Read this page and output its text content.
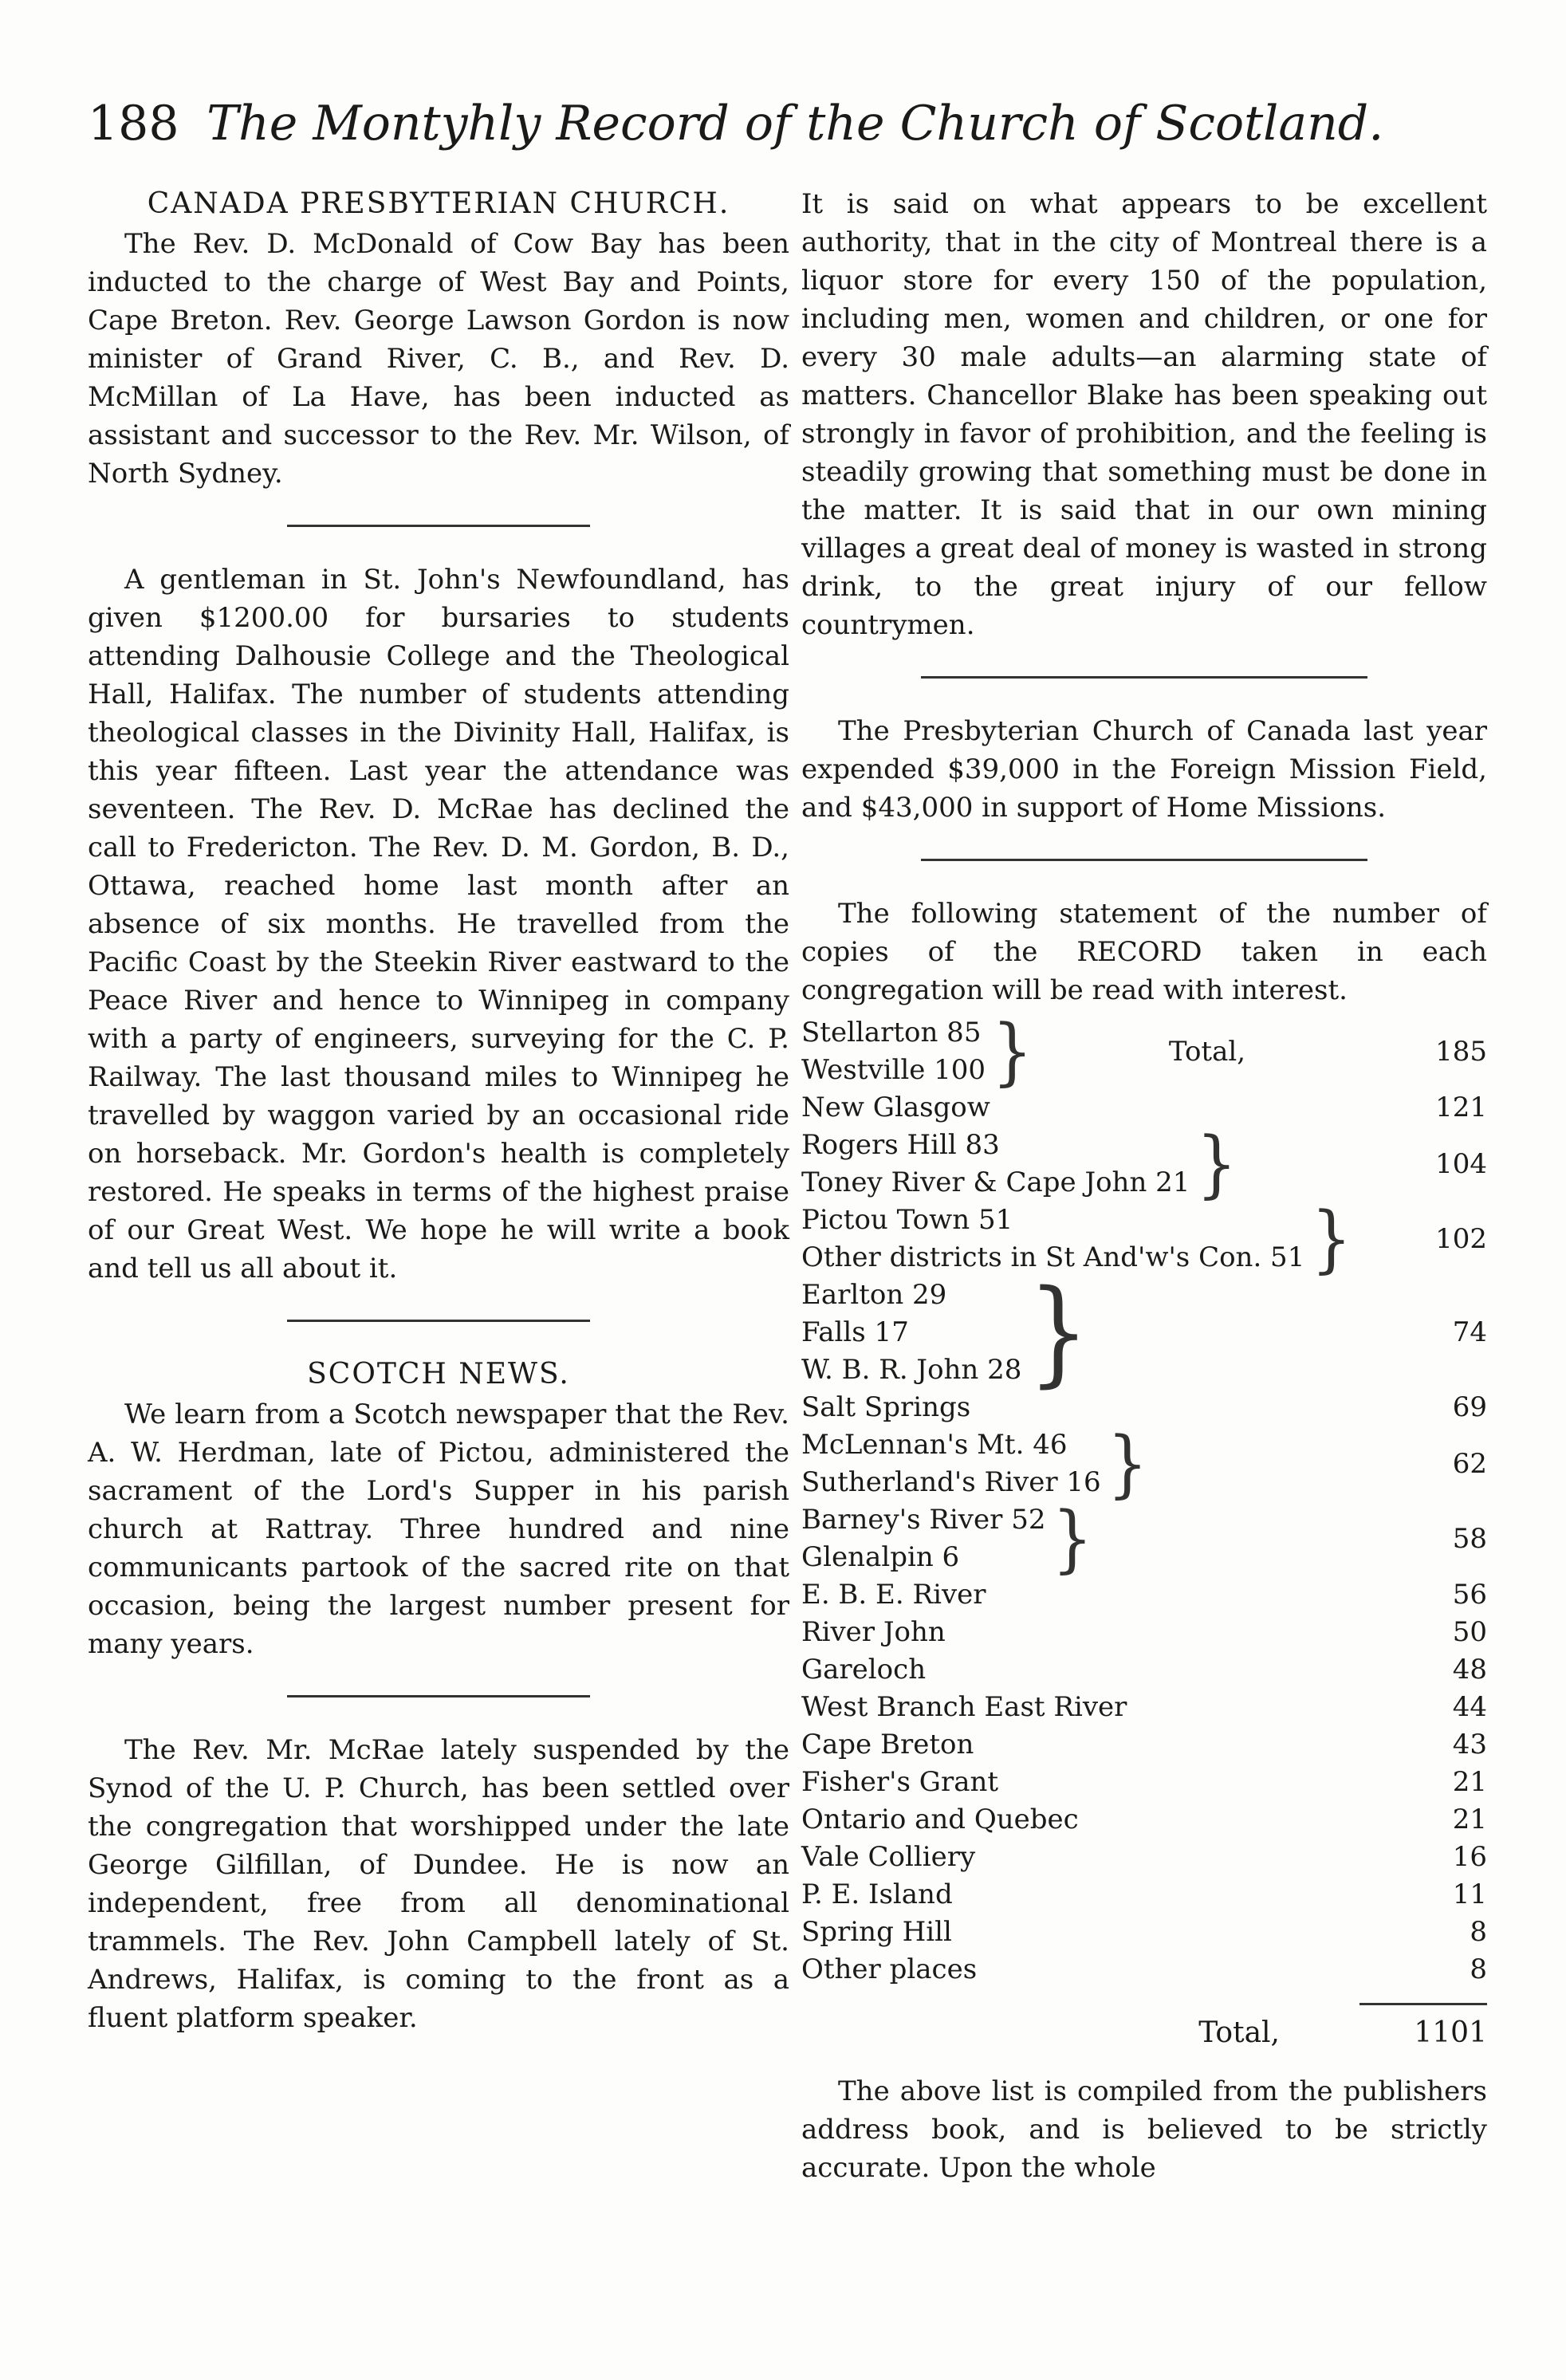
188 The Montyhly Record of the Church of Scotland.
CANADA PRESBYTERIAN CHURCH.

The Rev. D. McDonald of Cow Bay has been inducted to the charge of West Bay and Points, Cape Breton. Rev. George Lawson Gordon is now minister of Grand River, C. B., and Rev. D. McMillan of La Have, has been inducted as assistant and successor to the Rev. Mr. Wilson, of North Sydney.

A gentleman in St. John's Newfoundland, has given $1200.00 for bursaries to students attending Dalhousie College and the Theological Hall, Halifax. The number of students attending theological classes in the Divinity Hall, Halifax, is this year fifteen. Last year the attendance was seventeen. The Rev. D. McRae has declined the call to Fredericton. The Rev. D. M. Gordon, B. D., Ottawa, reached home last month after an absence of six months. He travelled from the Pacific Coast by the Steekin River eastward to the Peace River and hence to Winnipeg in company with a party of engineers, surveying for the C. P. Railway. The last thousand miles to Winnipeg he travelled by waggon varied by an occasional ride on horseback. Mr. Gordon's health is completely restored. He speaks in terms of the highest praise of our Great West. We hope he will write a book and tell us all about it.

SCOTCH NEWS.

We learn from a Scotch newspaper that the Rev. A. W. Herdman, late of Pictou, administered the sacrament of the Lord's Supper in his parish church at Rattray. Three hundred and nine communicants partook of the sacred rite on that occasion, being the largest number present for many years.

The Rev. Mr. McRae lately suspended by the Synod of the U. P. Church, has been settled over the congregation that worshipped under the late George Gilfillan, of Dundee. He is now an independent, free from all denominational trammels. The Rev. John Campbell lately of St. Andrews, Halifax, is coming to the front as a fluent platform speaker.

It is said on what appears to be excellent authority, that in the city of Montreal there is a liquor store for every 150 of the population, including men, women and children, or one for every 30 male adults—an alarming state of matters. Chancellor Blake has been speaking out strongly in favor of prohibition, and the feeling is steadily growing that something must be done in the matter. It is said that in our own mining villages a great deal of money is wasted in strong drink, to the great injury of our fellow countrymen.

The Presbyterian Church of Canada last year expended $39,000 in the Foreign Mission Field, and $43,000 in support of Home Missions.

The following statement of the number of copies of the RECORD taken in each congregation will be read with interest.

Stellarton 85
Westville 100 }	Total,	185
New Glasgow	121
Rogers Hill 83
Toney River & Cape John 21 }	104
Pictou Town 51
Other districts in St And'w's Con. 51 }	102
Earlton 29
Falls 17
W. B. R. John 28 }	74
Salt Springs	69
McLennan's Mt. 46
Sutherland's River 16 }	62
Barney's River 52
Glenalpin 6	}	58
E. B. E. River	56
River John	50
Gareloch	48
West Branch East River	44
Cape Breton	43
Fisher's Grant	21
Ontario and Quebec	21
Vale Colliery	16
P. E. Island	11
Spring Hill	8
Other places	8
Total,	1101

The above list is compiled from the publishers address book, and is believed to be strictly accurate. Upon the whole
